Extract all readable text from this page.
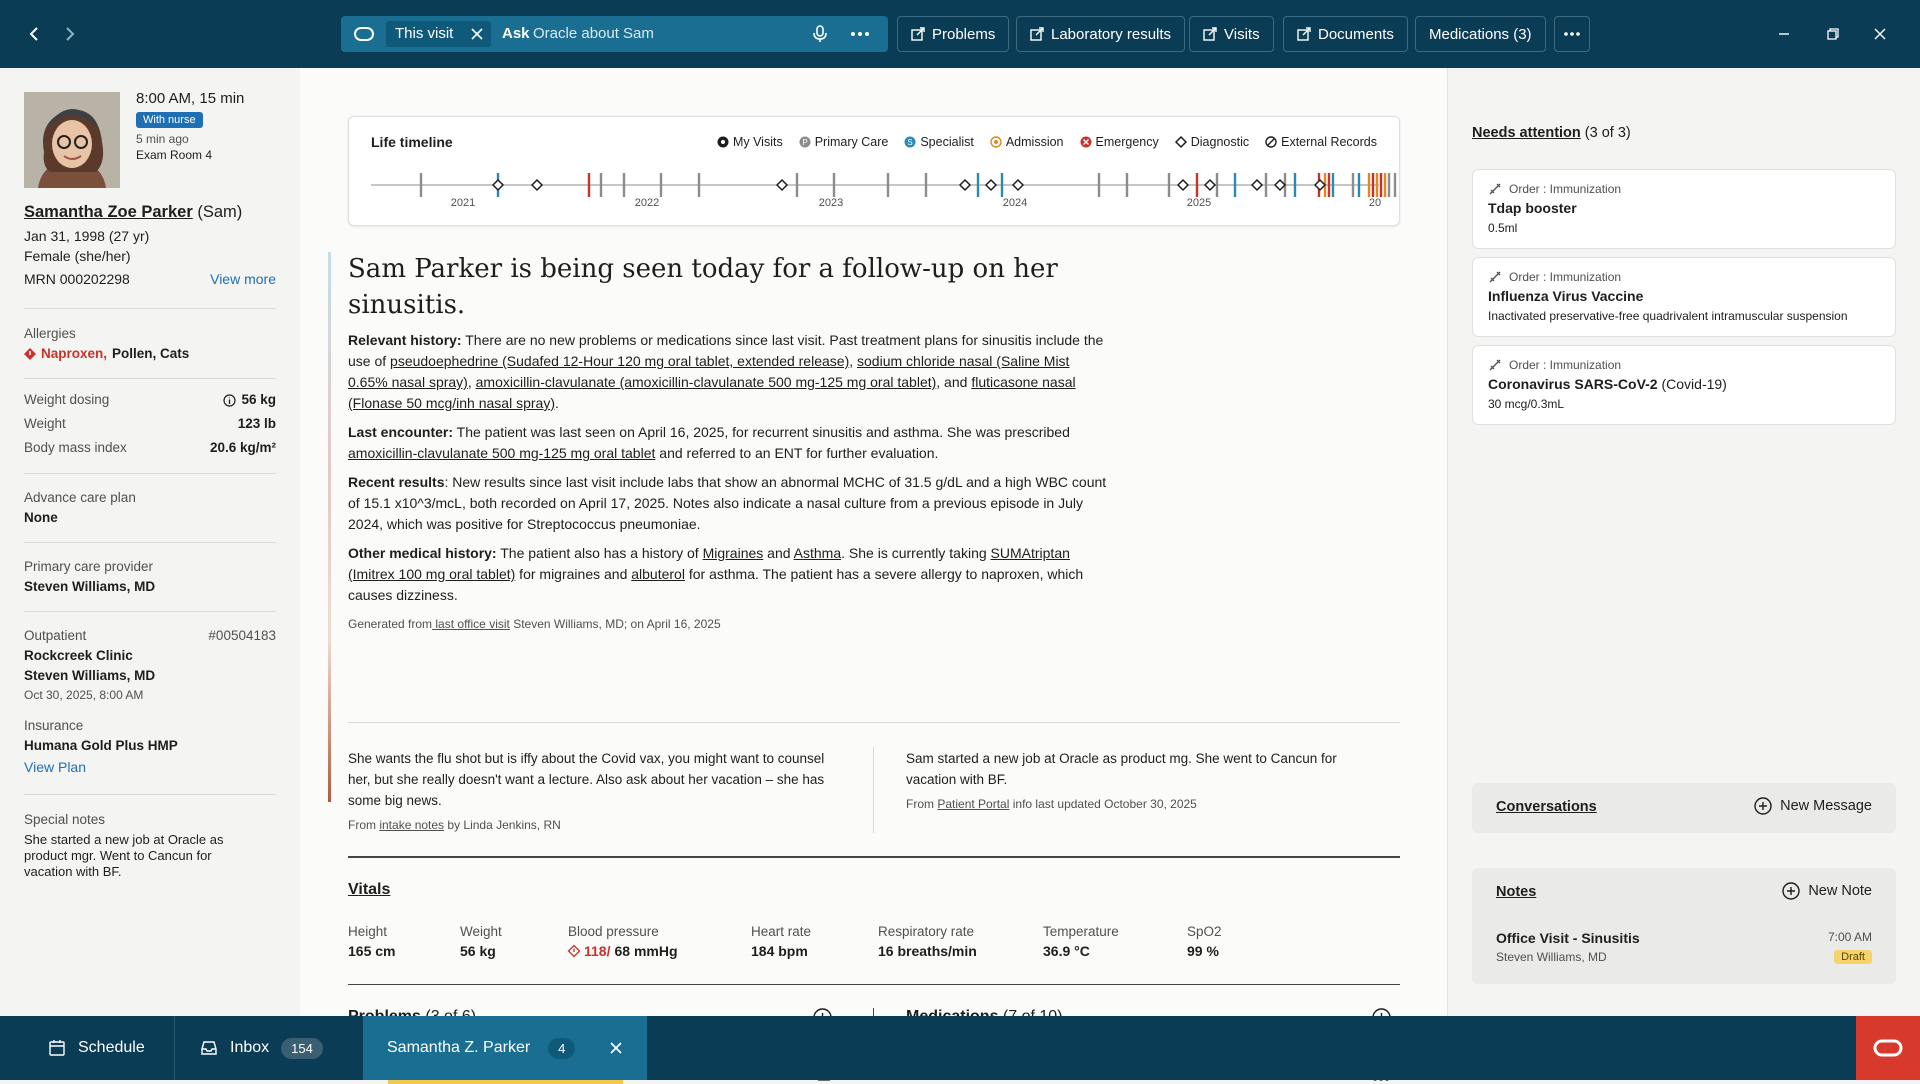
This visit	Ask Oracle about Sam	Problems	Laboratory results	Visits	Documents Medications (3)
8:00 AM, 15 min
With nurse
5 min ago
Exam Room 4
Samantha Zoe Parker (Sam)
Jan 31, 1998 (27 yr)
Female (she/her)
MRN 000202298	View more
Allergies
Naproxen, Pollen, Cats
Weight dosing	56 kg
Weight	123 lb
Body mass index	20.6 kg/m²
Advance care plan
None
Primary care provider
Steven Williams, MD
Outpatient	#00504183
Rockcreek Clinic
Steven Williams, MD
Oct 30, 2025, 8:00 AM
Insurance
Humana Gold Plus HMP
View Plan
Special notes
She started a new job at Oracle as product mgr. Went to Cancun for vacation with BF.
Life timeline	My Visits P Primary Care S Specialist	Admission	Emergency	Diagnostic	External Records
2021	2022	2023	2024	2025	20
Sam Parker is being seen today for a follow-up on her sinusitis.

Relevant history: There are no new problems or medications since last visit. Past treatment plans for sinusitis include the use of pseudoephedrine (Sudafed 12-Hour 120 mg oral tablet, extended release), sodium chloride nasal (Saline Mist 0.65% nasal spray), amoxicillin-clavulanate (amoxicillin-clavulanate 500 mg-125 mg oral tablet), and fluticasone nasal (Flonase 50 mcg/inh nasal spray).

Last encounter: The patient was last seen on April 16, 2025, for recurrent sinusitis and asthma. She was prescribed amoxicillin-clavulanate 500 mg-125 mg oral tablet and referred to an ENT for further evaluation.

Recent results: New results since last visit include labs that show an abnormal MCHC of 31.5 g/dL and a high WBC count of 15.1 x10^3/mcL, both recorded on April 17, 2025. Notes also indicate a nasal culture from a previous episode in July 2024, which was positive for Streptococcus pneumoniae.

Other medical history: The patient also has a history of Migraines and Asthma. She is currently taking SUMAtriptan (Imitrex 100 mg oral tablet) for migraines and albuterol for asthma. The patient has a severe allergy to naproxen, which causes dizziness.

Generated from last office visit Steven Williams, MD; on April 16, 2025
She wants the flu shot but is iffy about the Covid vax, you might want to counsel her, but she really doesn't want a lecture. Also ask about her vacation – she has some big news.
From intake notes by Linda Jenkins, RN
Sam started a new job at Oracle as product mg. She went to Cancun for vacation with BF.
From Patient Portal info last updated October 30, 2025
Vitals
Height
165 cm
Weight
56 kg
Blood pressure
118/ 68 mmHg
Heart rate
184 bpm
Respiratory rate
16 breaths/min
Temperature
36.9 °C
SpO2
99 %
Needs attention (3 of 3)
Order : Immunization
Tdap booster
0.5ml
Order : Immunization
Influenza Virus Vaccine
Inactivated preservative-free quadrivalent intramuscular suspension
Order : Immunization
Coronavirus SARS-CoV-2 (Covid-19)
30 mcg/0.3mL
Conversations	New Message
Notes	New Note
Office Visit - Sinusitis
Steven Williams, MD
7:00 AM
Draft
Schedule	Inbox	154	Samantha Z. Parker	4
